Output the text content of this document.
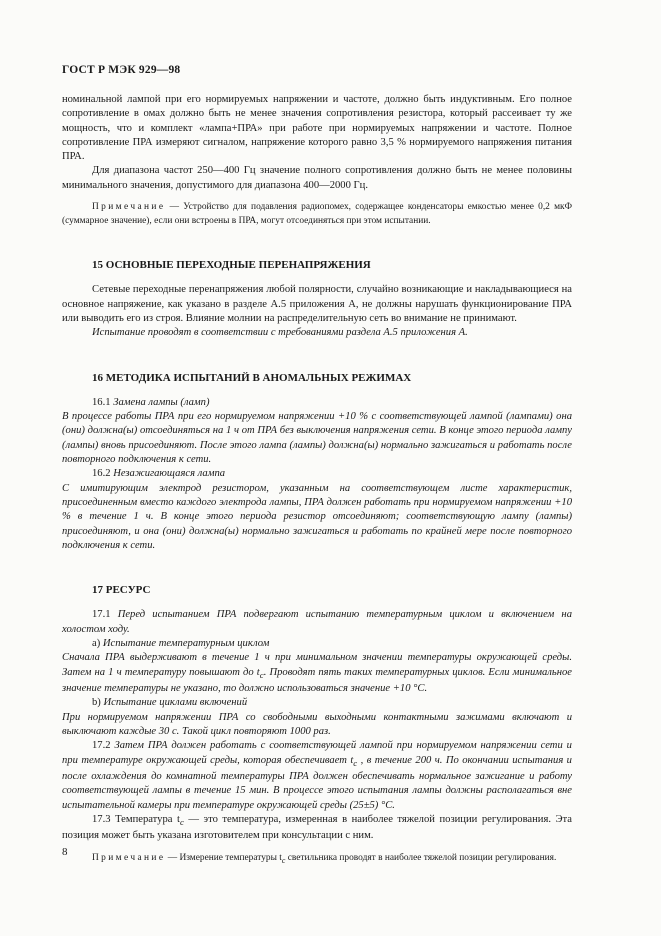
ГОСТ Р МЭК 929—98

номинальной лампой при его нормируемых напряжении и частоте, должно быть индуктивным. Его полное сопротивление в омах должно быть не менее значения сопротивления резистора, который рассеивает ту же мощность, что и комплект «лампа+ПРА» при работе при нормируемых напряжении и частоте. Полное сопротивление ПРА измеряют сигналом, напряжение которого равно 3,5 % нормируемого напряжения питания ПРА.

Для диапазона частот 250—400 Гц значение полного сопротивления должно быть не менее половины минимального значения, допустимого для диапазона 400—2000 Гц.

Примечание — Устройство для подавления радиопомех, содержащее конденсаторы емкостью менее 0,2 мкФ (суммарное значение), если они встроены в ПРА, могут отсоединяться при этом испытании.

15 ОСНОВНЫЕ ПЕРЕХОДНЫЕ ПЕРЕНАПРЯЖЕНИЯ

Сетевые переходные перенапряжения любой полярности, случайно возникающие и накладывающиеся на основное напряжение, как указано в разделе А.5 приложения А, не должны нарушать функционирование ПРА или выводить его из строя. Влияние молнии на распределительную сеть во внимание не принимают.

Испытание проводят в соответствии с требованиями раздела А.5 приложения А.

16 МЕТОДИКА ИСПЫТАНИЙ В АНОМАЛЬНЫХ РЕЖИМАХ

16.1 Замена лампы (ламп)

В процессе работы ПРА при его нормируемом напряжении +10 % с соответствующей лампой (лампами) она (они) должна(ы) отсоединяться на 1 ч от ПРА без выключения напряжения сети. В конце этого периода лампу (лампы) вновь присоединяют. После этого лампа (лампы) должна(ы) нормально зажигаться и работать после повторного подключения к сети.

16.2 Незажигающаяся лампа

С имитирующим электрод резистором, указанным на соответствующем листе характеристик, присоединенным вместо каждого электрода лампы, ПРА должен работать при нормируемом напряжении +10 % в течение 1 ч. В конце этого периода резистор отсоединяют; соответствующую лампу (лампы) присоединяют, и она (они) должна(ы) нормально зажигаться и работать по крайней мере после повторного подключения к сети.

17 РЕСУРС

17.1 Перед испытанием ПРА подвергают испытанию температурным циклом и включением на холостом ходу.

a) Испытание температурным циклом

Сначала ПРА выдерживают в течение 1 ч при минимальном значении температуры окружающей среды. Затем на 1 ч температуру повышают до $t_c$. Проводят пять таких температурных циклов. Если минимальное значение температуры не указано, то должно использоваться значение +10 °С.

b) Испытание циклами включений

При нормируемом напряжении ПРА со свободными выходными контактными зажимами включают и выключают каждые 30 с. Такой цикл повторяют 1000 раз.

17.2 Затем ПРА должен работать с соответствующей лампой при нормируемом напряжении сети и при температуре окружающей среды, которая обеспечивает $t_c$ , в течение 200 ч. По окончании испытания и после охлаждения до комнатной температуры ПРА должен обеспечивать нормальное зажигание и работу соответствующей лампы в течение 15 мин. В процессе этого испытания лампы должны располагаться вне испытательной камеры при температуре окружающей среды (25±5) °С.

17.3 Температура $t_c$ — это температура, измеренная в наиболее тяжелой позиции регулирования. Эта позиция может быть указана изготовителем при консультации с ним.

Примечание — Измерение температуры $t_c$ светильника проводят в наиболее тяжелой позиции регулирования.

8
